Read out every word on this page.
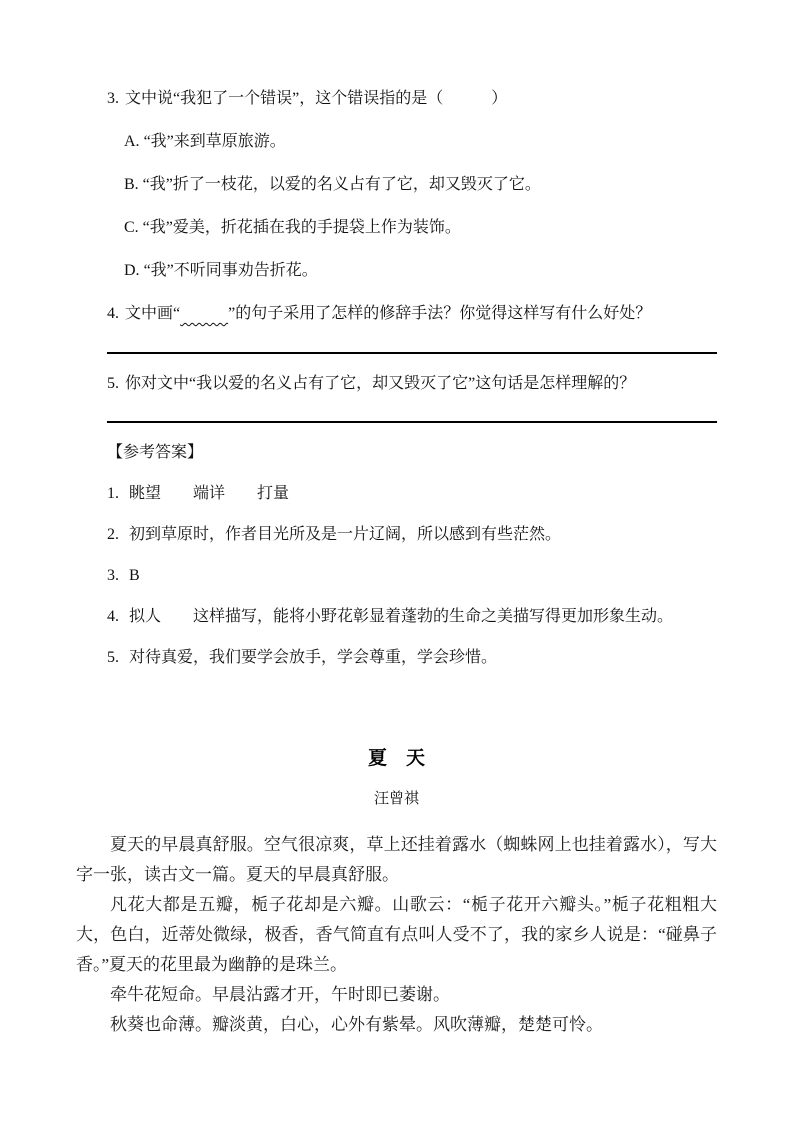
3. 文中说“我犯了一个错误”，这个错误指的是（　　　）

A. “我”来到草原旅游。

B. “我”折了一枝花，以爱的名义占有了它，却又毁灭了它。

C. “我”爱美，折花插在我的手提袋上作为装饰。

D. “我”不听同事劝告折花。

4. 文中画“　　　	”的句子采用了怎样的修辞手法？你觉得这样写有什么好处？

5. 你对文中“我以爱的名义占有了它，却又毁灭了它”这句话是怎样理解的？

【参考答案】

1. 眺望　　端详　　打量

2. 初到草原时，作者目光所及是一片辽阔，所以感到有些茫然。

3. B

4. 拟人　　这样描写，能将小野花彰显着蓬勃的生命之美描写得更加形象生动。

5. 对待真爱，我们要学会放手，学会尊重，学会珍惜。

夏　天

汪曾祺

夏天的早晨真舒服。空气很凉爽，草上还挂着露水（蜘蛛网上也挂着露水），写大字一张，读古文一篇。夏天的早晨真舒服。

凡花大都是五瓣，栀子花却是六瓣。山歌云：“栀子花开六瓣头。”栀子花粗粗大大，色白，近蒂处微绿，极香，香气简直有点叫人受不了，我的家乡人说是：“碰鼻子香。”夏天的花里最为幽静的是珠兰。

牵牛花短命。早晨沾露才开，午时即已萎谢。

秋葵也命薄。瓣淡黄，白心，心外有紫晕。风吹薄瓣，楚楚可怜。
